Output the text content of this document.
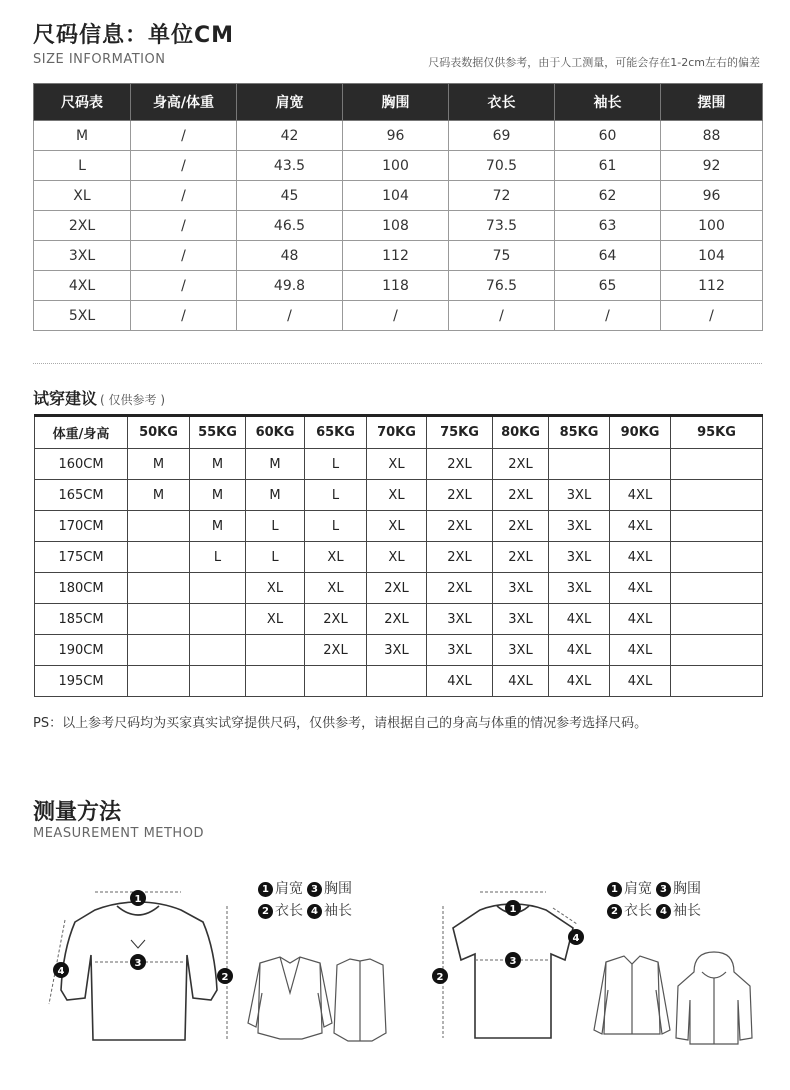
尺码信息：单位CM
SIZE INFORMATION	尺码表数据仅供参考，由于人工测量，可能会存在1-2cm左右的偏差
尺码表	身高/体重	肩宽	胸围	衣长	袖长	摆围
M	/	42	96	69	60	88
L	/	43.5	100	70.5	61	92
XL	/	45	104	72	62	96
2XL	/	46.5	108	73.5	63	100
3XL	/	48	112	75	64	104
4XL	/	49.8	118	76.5	65	112
5XL	/	/	/	/	/	/
试穿建议 ( 仅供参考 )
体重/身高	50KG	55KG	60KG	65KG	70KG	75KG	80KG	85KG	90KG	95KG
160CM	M	M	M	L	XL	2XL	2XL			
165CM	M	M	M	L	XL	2XL	2XL	3XL	4XL	
170CM		M	L	L	XL	2XL	2XL	3XL	4XL	
175CM		L	L	XL	XL	2XL	2XL	3XL	4XL	
180CM			XL	XL	2XL	2XL	3XL	3XL	4XL	
185CM			XL	2XL	2XL	3XL	3XL	4XL	4XL	
190CM				2XL	3XL	3XL	3XL	4XL	4XL	
195CM						4XL	4XL	4XL	4XL	
PS：以上参考尺码均为买家真实试穿提供尺码，仅供参考，请根据自己的身高与体重的情况参考选择尺码。
测量方法
MEASUREMENT METHOD
1 肩宽 3 胸围
2 衣长 4 袖长
1 肩宽 3 胸围
2 衣长 4 袖长
1
3
2
4
1
3
2
4
